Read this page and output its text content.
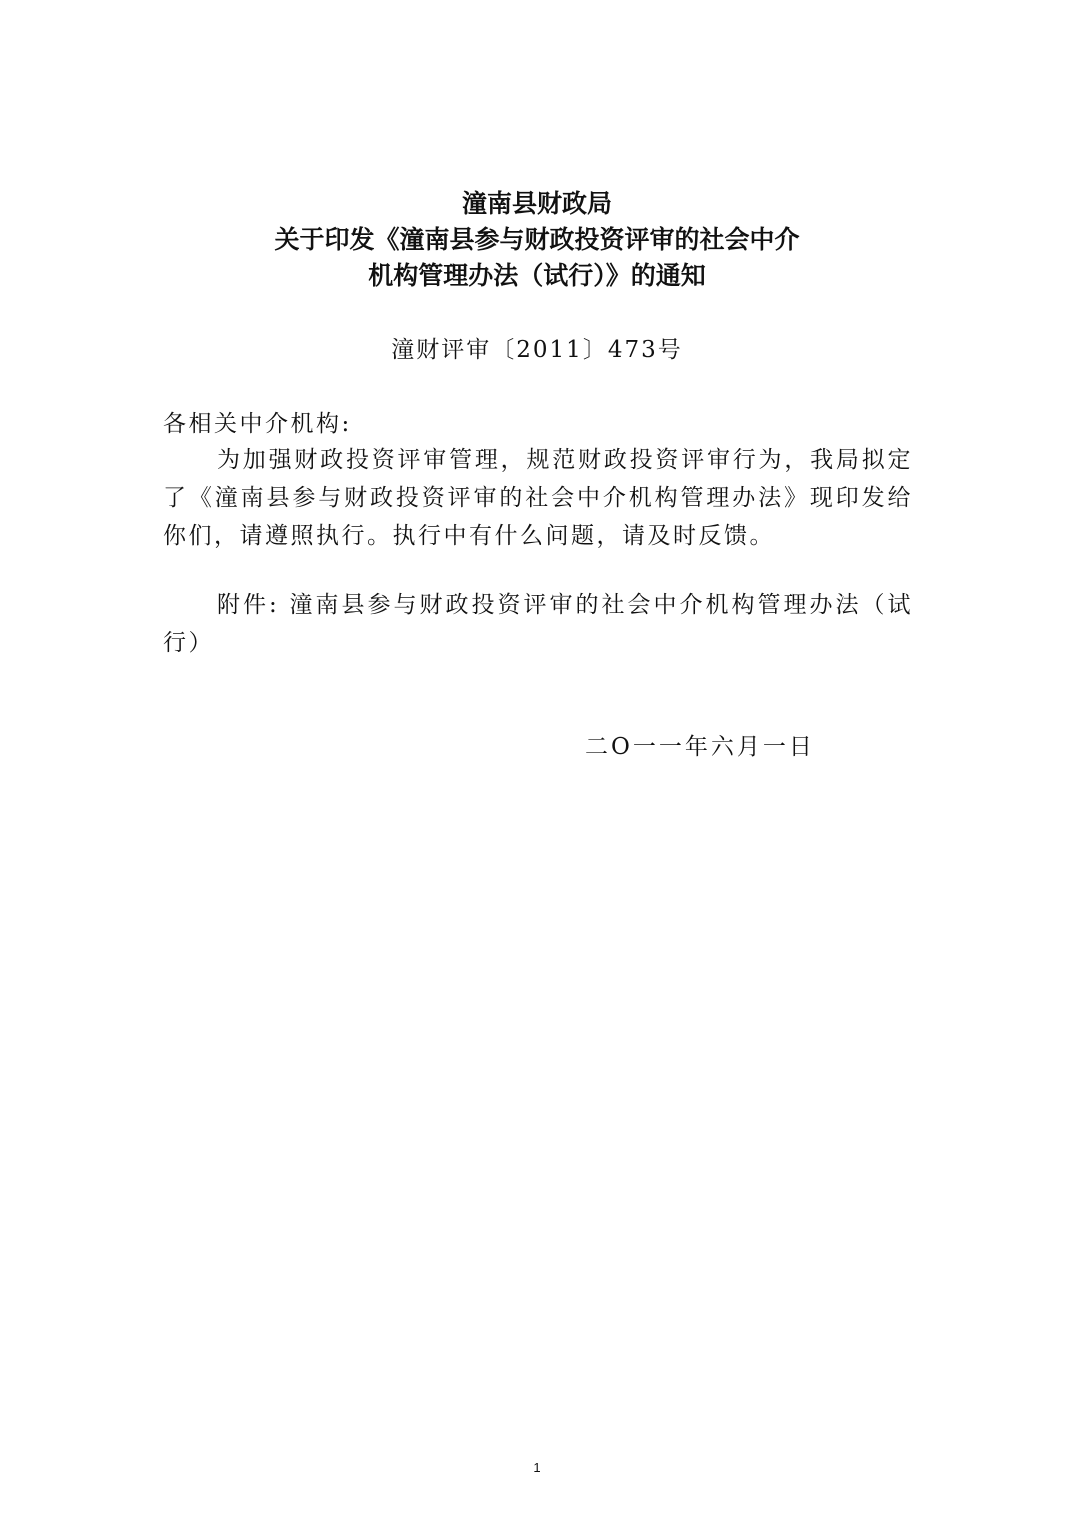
潼南县财政局
关于印发《潼南县参与财政投资评审的社会中介
机构管理办法（试行）》的通知
潼财评审〔2011〕473号
各相关中介机构:
为加强财政投资评审管理，规范财政投资评审行为，我局拟定了《潼南县参与财政投资评审的社会中介机构管理办法》现印发给你们，请遵照执行。执行中有什么问题，请及时反馈。
附件: 潼南县参与财政投资评审的社会中介机构管理办法（试行）
二O一一年六月一日
1
